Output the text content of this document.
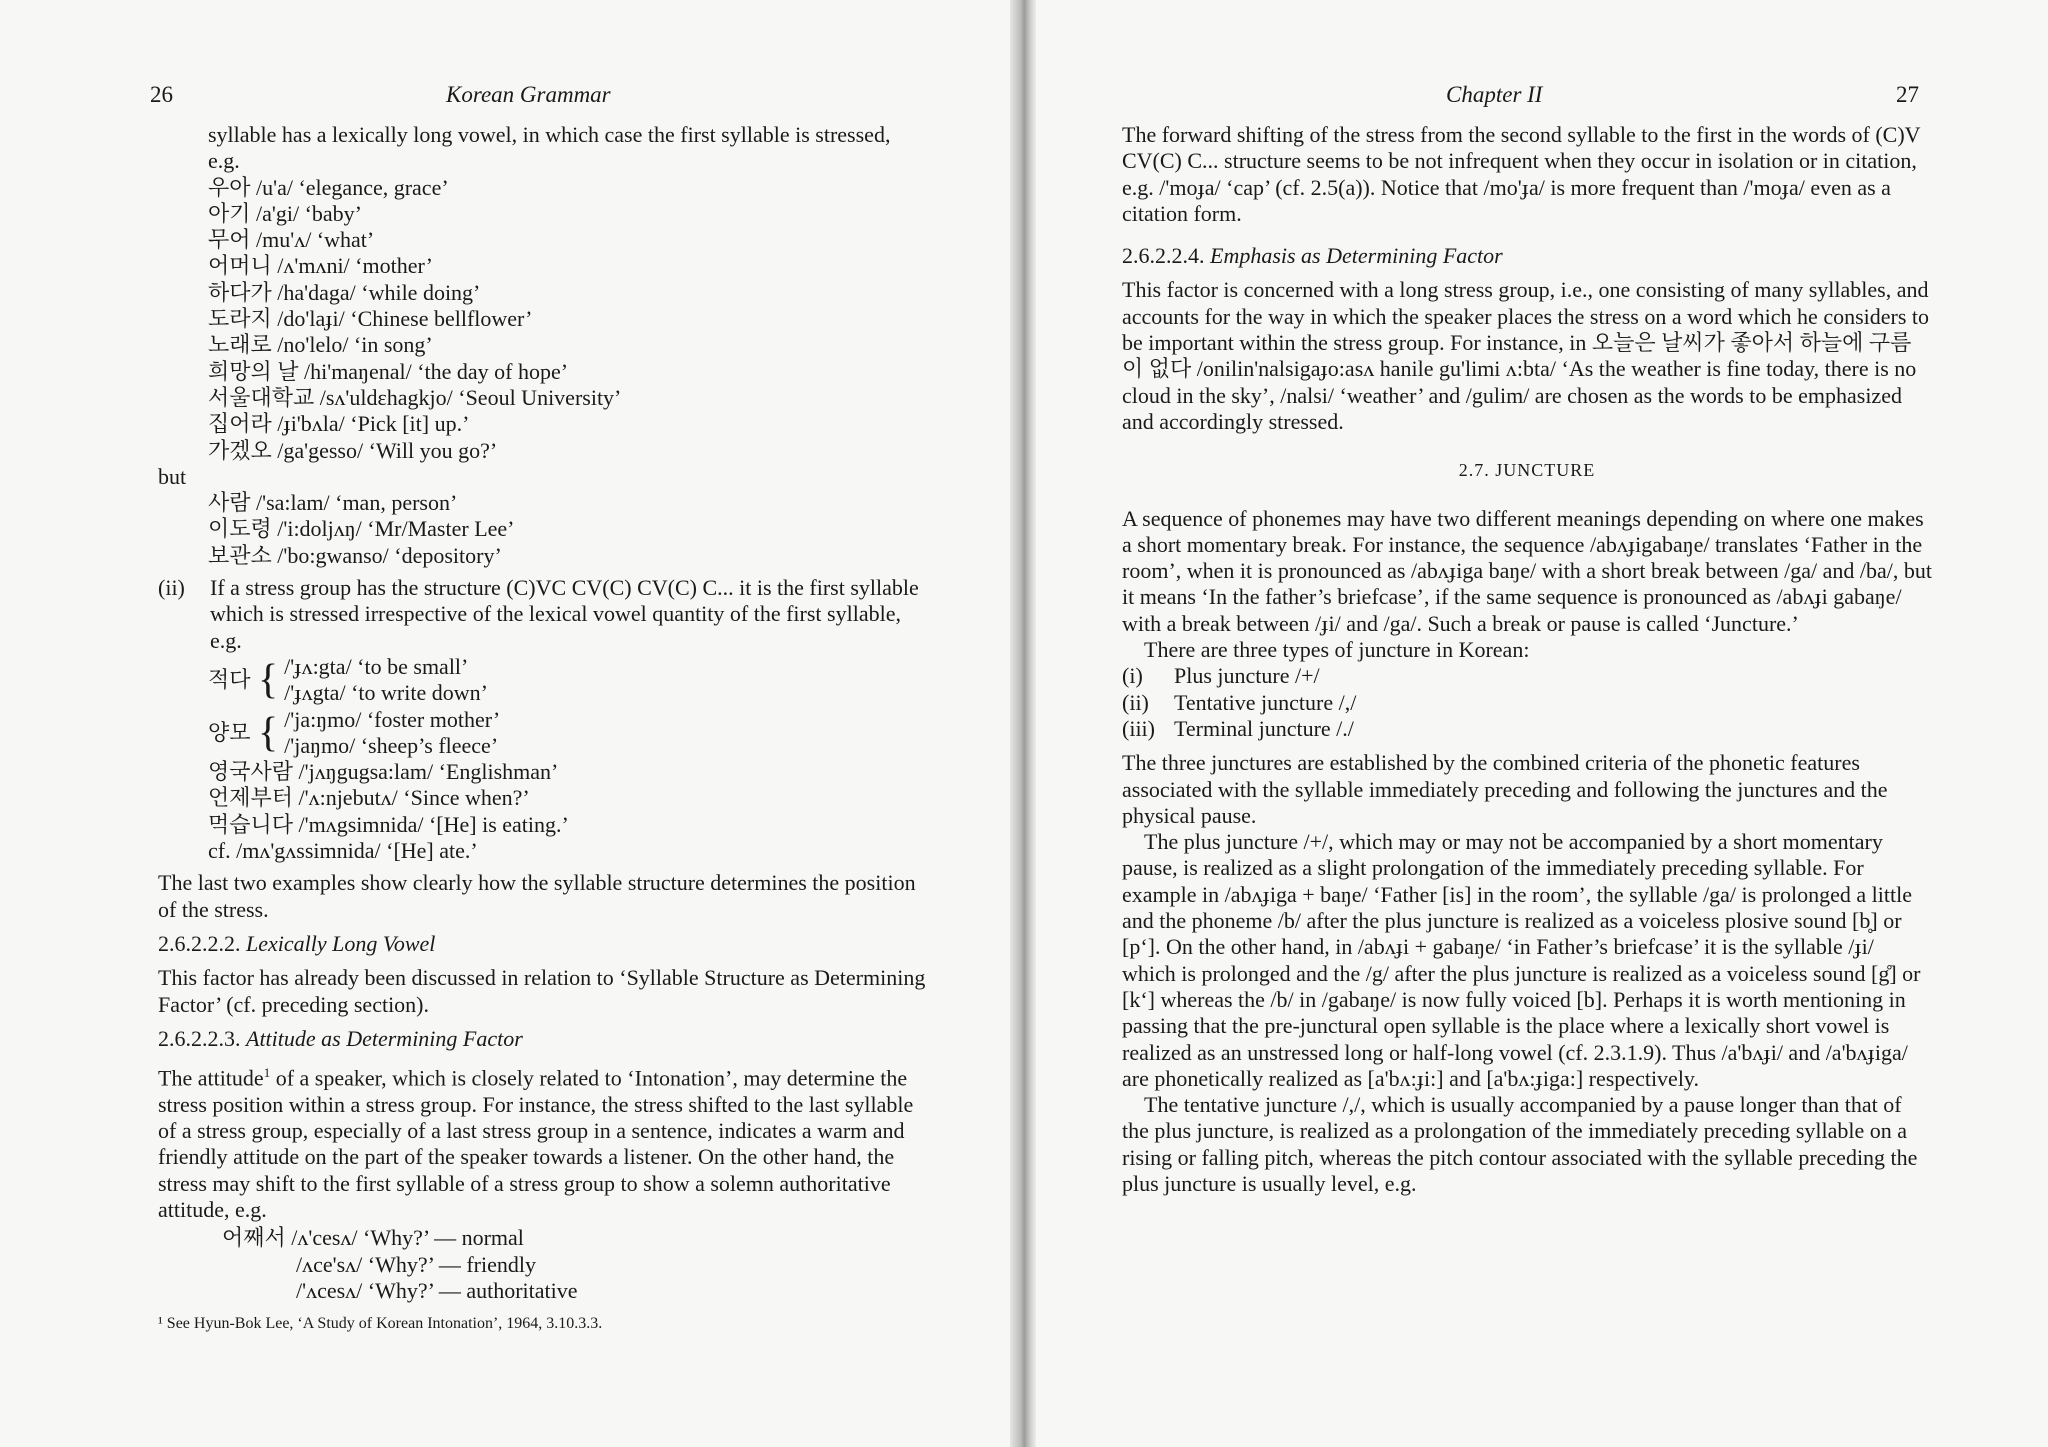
26	Korean Grammar

syllable has a lexically long vowel, in which case the first syllable is stressed, e.g.

우아 /u'a/ ‘elegance, grace’
아기 /a'gi/ ‘baby’
무어 /mu'ʌ/ ‘what’
어머니 /ʌ'mʌni/ ‘mother’
하다가 /ha'daga/ ‘while doing’
도라지 /do'laɟi/ ‘Chinese bellflower’
노래로 /no'lelo/ ‘in song’
희망의 날 /hi'maŋenal/ ‘the day of hope’
서울대학교 /sʌ'uldɛhagkjo/ ‘Seoul University’
집어라 /ɟi'bʌla/ ‘Pick [it] up.’
가겠오 /ga'gesso/ ‘Will you go?’
but
사람 /'sa:lam/ ‘man, person’
이도령 /'i:doljʌŋ/ ‘Mr/Master Lee’
보관소 /'bo:gwanso/ ‘depository’
(ii)	If a stress group has the structure (C)VC CV(C) CV(C) C... it is the first syllable which is stressed irrespective of the lexical vowel quantity of the first syllable, e.g.

적다 { /'ɟʌ:gta/ ‘to be small’
/'ɟʌgta/ ‘to write down’
양모 { /'ja:ŋmo/ ‘foster mother’
/'jaŋmo/ ‘sheep’s fleece’
영국사람 /'jʌŋgugsa:lam/ ‘Englishman’
언제부터 /'ʌ:njebutʌ/ ‘Since when?’
먹습니다 /'mʌgsimnida/ ‘[He] is eating.’
cf. /mʌ'gʌssimnida/ ‘[He] ate.’

The last two examples show clearly how the syllable structure determines the position of the stress.

2.6.2.2.2. Lexically Long Vowel

This factor has already been discussed in relation to ‘Syllable Structure as Determining Factor’ (cf. preceding section).

2.6.2.2.3. Attitude as Determining Factor

The attitude$^1$ of a speaker, which is closely related to ‘Intonation’, may determine the stress position within a stress group. For instance, the stress shifted to the last syllable of a stress group, especially of a last stress group in a sentence, indicates a warm and friendly attitude on the part of the speaker towards a listener. On the other hand, the stress may shift to the first syllable of a stress group to show a solemn authoritative attitude, e.g.

어째서 /ʌ'cesʌ/ ‘Why?’ — normal
/ʌce'sʌ/ ‘Why?’ — friendly
/'ʌcesʌ/ ‘Why?’ — authoritative
¹ See Hyun-Bok Lee, ‘A Study of Korean Intonation’, 1964, 3.10.3.3.
Chapter II	27

The forward shifting of the stress from the second syllable to the first in the words of (C)V CV(C) C... structure seems to be not infrequent when they occur in isolation or in citation, e.g. /'moɟa/ ‘cap’ (cf. 2.5(a)). Notice that /mo'ɟa/ is more frequent than /'moɟa/ even as a citation form.

2.6.2.2.4. Emphasis as Determining Factor

This factor is concerned with a long stress group, i.e., one consisting of many syllables, and accounts for the way in which the speaker places the stress on a word which he considers to be important within the stress group. For instance, in 오늘은 날씨가 좋아서 하늘에 구름이 없다 /onilin'nalsigaɟo:asʌ hanile gu'limi ʌ:bta/ ‘As the weather is fine today, there is no cloud in the sky’, /nalsi/ ‘weather’ and /gulim/ are chosen as the words to be emphasized and accordingly stressed.

2.7. JUNCTURE

A sequence of phonemes may have two different meanings depending on where one makes a short momentary break. For instance, the sequence /abʌɟigabaŋe/ translates ‘Father in the room’, when it is pronounced as /abʌɟiga baŋe/ with a short break between /ga/ and /ba/, but it means ‘In the father’s briefcase’, if the same sequence is pronounced as /abʌɟi gabaŋe/ with a break between /ɟi/ and /ga/. Such a break or pause is called ‘Juncture.’

There are three types of juncture in Korean:

(i)	Plus juncture /+/
(ii)	Tentative juncture /,/
(iii) Terminal juncture /./

The three junctures are established by the combined criteria of the phonetic features associated with the syllable immediately preceding and following the junctures and the physical pause.

The plus juncture /+/, which may or may not be accompanied by a short momentary pause, is realized as a slight prolongation of the immediately preceding syllable. For example in /abʌɟiga + baŋe/ ‘Father [is] in the room’, the syllable /ga/ is prolonged a little and the phoneme /b/ after the plus juncture is realized as a voiceless plosive sound [b̥] or [p‘]. On the other hand, in /abʌɟi + gabaŋe/ ‘in Father’s briefcase’ it is the syllable /ɟi/ which is prolonged and the /g/ after the plus juncture is realized as a voiceless sound [g̊] or [k‘] whereas the /b/ in /gabaŋe/ is now fully voiced [b]. Perhaps it is worth mentioning in passing that the pre-junctural open syllable is the place where a lexically short vowel is realized as an unstressed long or half-long vowel (cf. 2.3.1.9). Thus /a'bʌɟi/ and /a'bʌɟiga/ are phonetically realized as [a'bʌ:ɟi:] and [a'bʌ:ɟiga:] respectively.

The tentative juncture /,/, which is usually accompanied by a pause longer than that of the plus juncture, is realized as a prolongation of the immediately preceding syllable on a rising or falling pitch, whereas the pitch contour associated with the syllable preceding the plus juncture is usually level, e.g.
